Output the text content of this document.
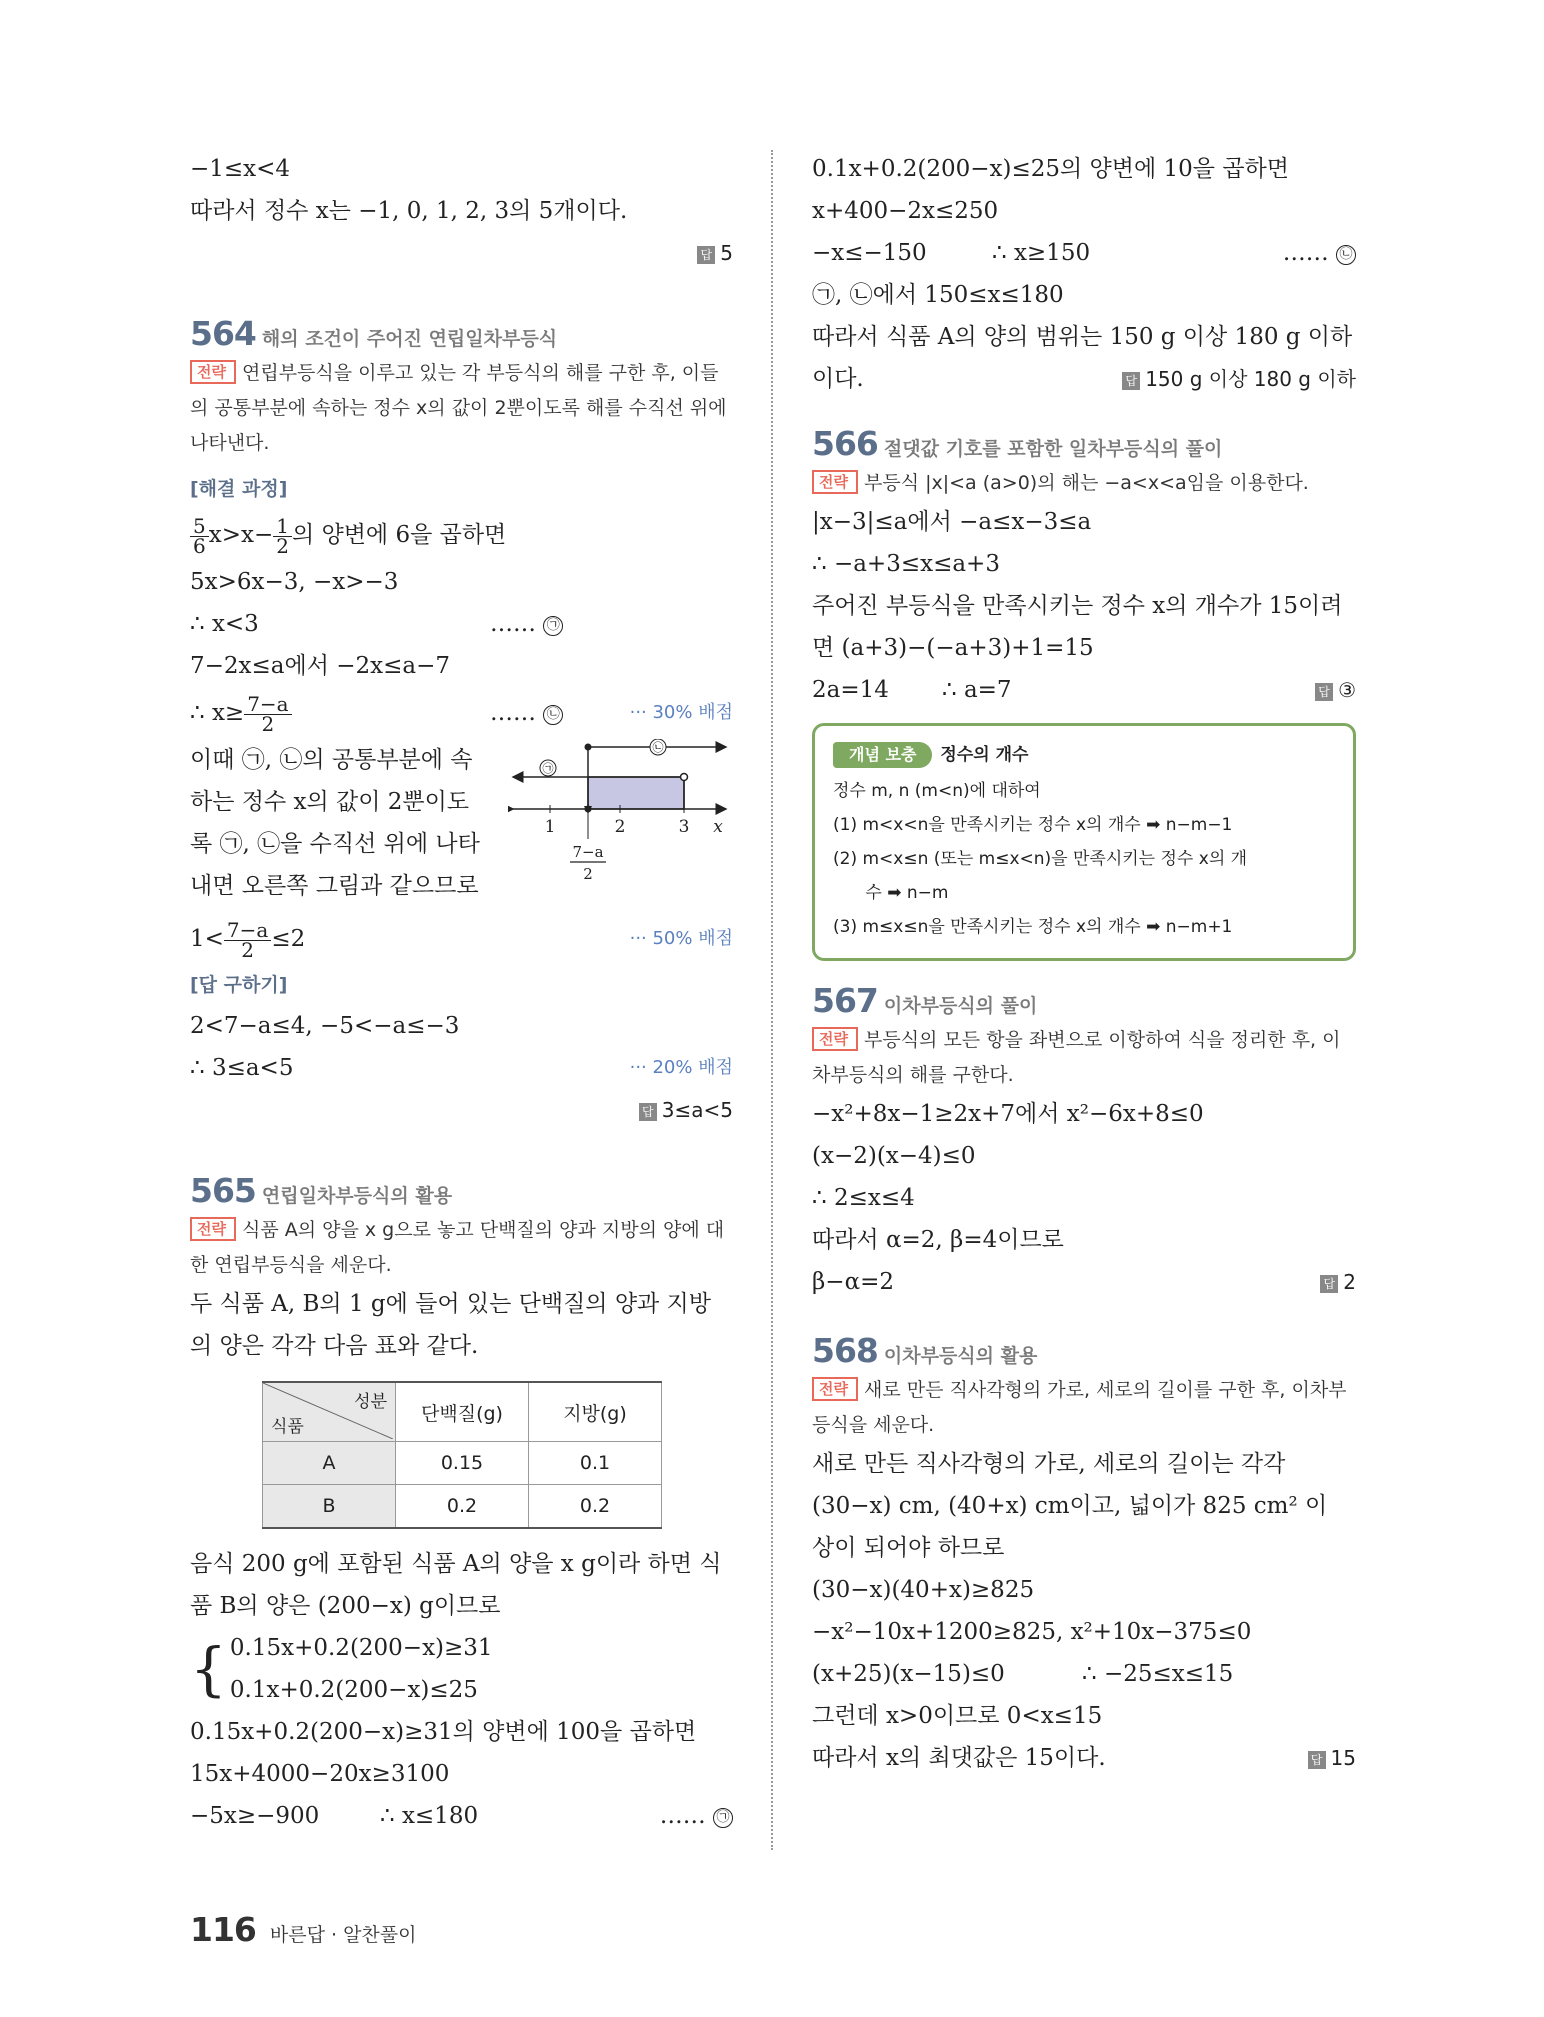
−1≤x<4
따라서 정수 x는 −1, 0, 1, 2, 3의 5개이다.
답 5
564 해의 조건이 주어진 연립일차부등식
전략 연립부등식을 이루고 있는 각 부등식의 해를 구한 후, 이들의 공통부분에 속하는 정수 x의 값이 2뿐이도록 해를 수직선 위에 나타낸다.
[해결 과정]
$\frac{5}{6} x>x- \frac{1}{2}$ 의 양변에 6을 곱하면
5x>6x−3, −x>−3
∴ x<3	…… ㉠
7−2x≤a에서 −2x≤a−7
∴ $x\ge \frac{7-a}{2}$	…… ㉡	··· 30% 배점
이때 ㉠, ㉡의 공통부분에 속
하는 정수 x의 값이 2뿐이도
록 ㉠, ㉡을 수직선 위에 나타
내면 오른쪽 그림과 같으므로
㉠
㉡
1	2	3 x
7−a
2
$1< \frac{7-a}{2} \le 2$	··· 50% 배점
[답 구하기]
2<7−a≤4, −5<−a≤−3
∴ 3≤a<5	··· 20% 배점
답 3≤a<5
565 연립일차부등식의 활용
전략 식품 A의 양을 x g으로 놓고 단백질의 양과 지방의 양에 대한 연립부등식을 세운다.
두 식품 A, B의 1 g에 들어 있는 단백질의 양과 지방
의 양은 각각 다음 표와 같다.
성분
식품	단백질(g)	지방(g)
A	0.15	0.1
B	0.2	0.2
음식 200 g에 포함된 식품 A의 양을 x g이라 하면 식
품 B의 양은 (200−x) g이므로
{ 0.15x+0.2(200−x)≥31
0.1x+0.2(200−x)≤25
0.15x+0.2(200−x)≥31의 양변에 100을 곱하면
15x+4000−20x≥3100
−5x≥−900	∴ x≤180	…… ㉠
0.1x+0.2(200−x)≤25의 양변에 10을 곱하면
x+400−2x≤250
−x≤−150	∴ x≥150	…… ㉡
㉠, ㉡에서 150≤x≤180
따라서 식품 A의 양의 범위는 150 g 이상 180 g 이하
이다.	답 150 g 이상 180 g 이하
566 절댓값 기호를 포함한 일차부등식의 풀이
전략 부등식 |x|<a (a>0)의 해는 −a<x<a임을 이용한다.
|x−3|≤a에서 −a≤x−3≤a
∴ −a+3≤x≤a+3
주어진 부등식을 만족시키는 정수 x의 개수가 15이려
면 (a+3)−(−a+3)+1=15
2a=14 ∴ a=7	답 ③
개념 보충 정수의 개수
정수 m, n (m<n)에 대하여
(1) m<x<n을 만족시키는 정수 x의 개수 ➡ n−m−1
(2) m<x≤n (또는 m≤x<n)을 만족시키는 정수 x의 개
수 ➡ n−m
(3) m≤x≤n을 만족시키는 정수 x의 개수 ➡ n−m+1
567 이차부등식의 풀이
전략 부등식의 모든 항을 좌변으로 이항하여 식을 정리한 후, 이차부등식의 해를 구한다.
−x²+8x−1≥2x+7에서 x²−6x+8≤0
(x−2)(x−4)≤0
∴ 2≤x≤4
따라서 α=2, β=4이므로
β−α=2	답 2
568 이차부등식의 활용
전략 새로 만든 직사각형의 가로, 세로의 길이를 구한 후, 이차부등식을 세운다.
새로 만든 직사각형의 가로, 세로의 길이는 각각
(30−x) cm, (40+x) cm이고, 넓이가 825 cm² 이
상이 되어야 하므로
(30−x)(40+x)≥825
−x²−10x+1200≥825, x²+10x−375≤0
(x+25)(x−15)≤0	∴ −25≤x≤15
그런데 x>0이므로 0<x≤15
따라서 x의 최댓값은 15이다.	답 15
116 바른답 · 알찬풀이
